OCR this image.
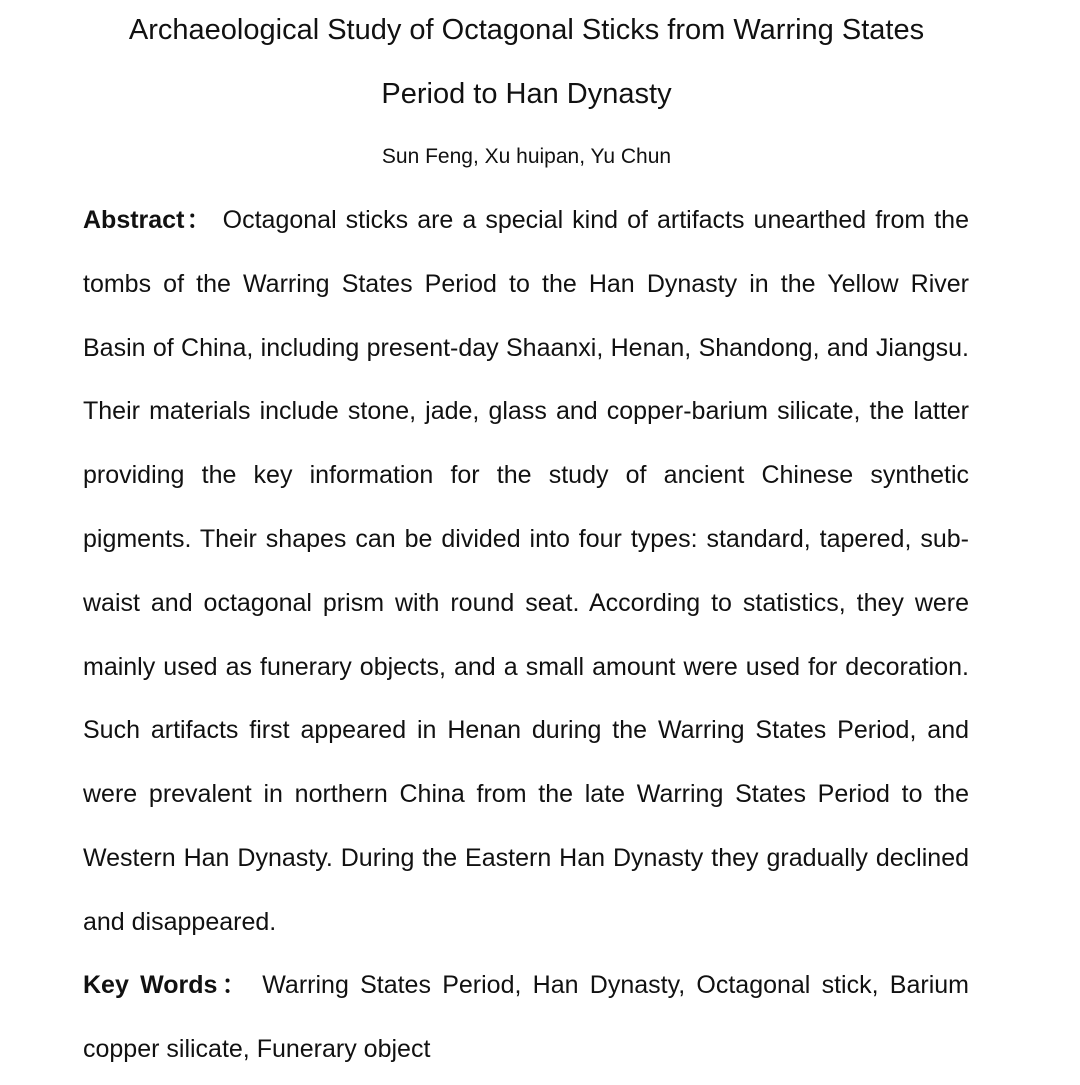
Archaeological Study of Octagonal Sticks from Warring States
Period to Han Dynasty
Sun Feng, Xu huipan, Yu Chun

Abstract： Octagonal sticks are a special kind of artifacts unearthed from the tombs of the Warring States Period to the Han Dynasty in the Yellow River Basin of China, including present-day Shaanxi, Henan, Shandong, and Jiangsu. Their materials include stone, jade, glass and copper-barium silicate, the latter providing the key information for the study of ancient Chinese synthetic pigments. Their shapes can be divided into four types: standard, tapered, sub-waist and octagonal prism with round seat. According to statistics, they were mainly used as funerary objects, and a small amount were used for decoration. Such artifacts first appeared in Henan during the Warring States Period, and were prevalent in northern China from the late Warring States Period to the Western Han Dynasty. During the Eastern Han Dynasty they gradually declined and disappeared.

Key Words： Warring States Period, Han Dynasty, Octagonal stick, Barium copper silicate, Funerary object
